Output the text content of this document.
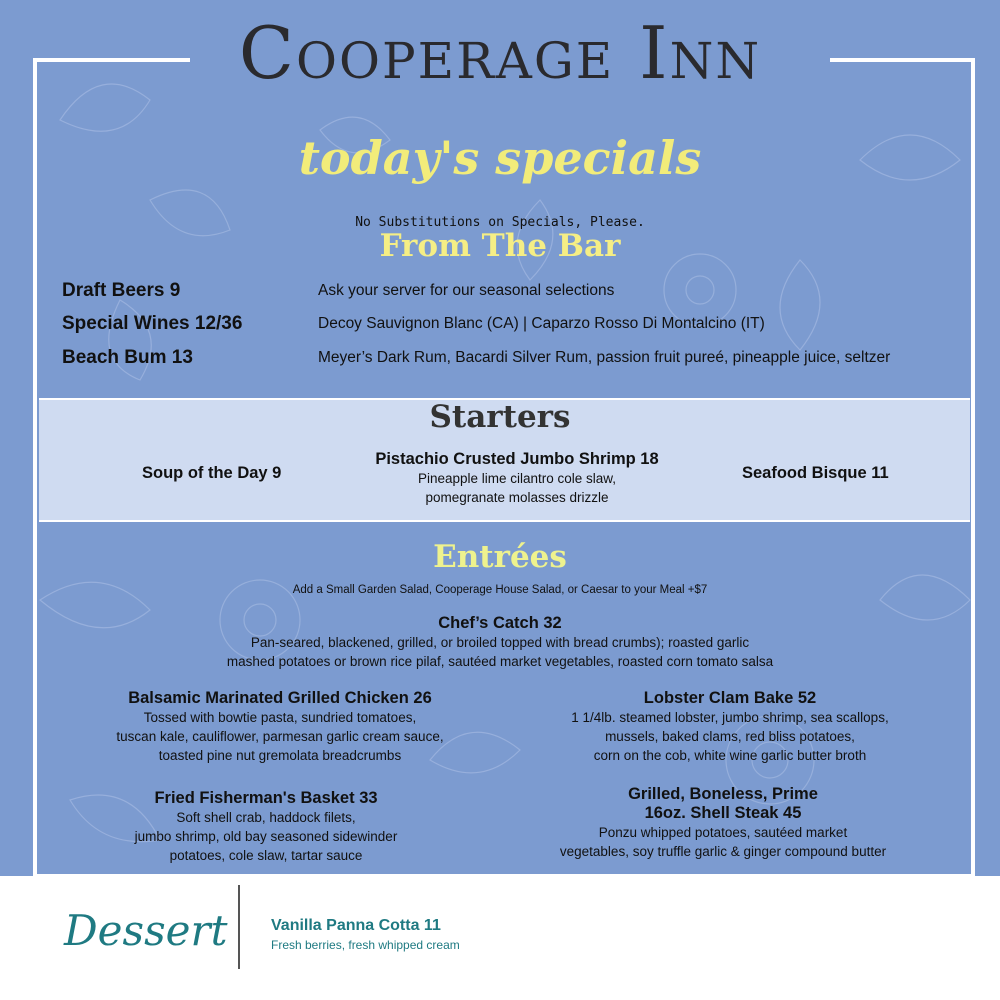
Cooperage Inn
today's specials
No Substitutions on Specials, Please.
From The Bar
Draft Beers 9	Ask your server for our seasonal selections
Special Wines 12/36	Decoy Sauvignon Blanc (CA) | Caparzo Rosso Di Montalcino (IT)
Beach Bum 13	Meyer’s Dark Rum, Bacardi Silver Rum, passion fruit pureé, pineapple juice, seltzer
Starters
Soup of the Day 9
Pistachio Crusted Jumbo Shrimp 18
Pineapple lime cilantro cole slaw,
pomegranate molasses drizzle
Seafood Bisque 11
Entrées
Add a Small Garden Salad, Cooperage House Salad, or Caesar to your Meal +$7
Chef’s Catch 32
Pan-seared, blackened, grilled, or broiled topped with bread crumbs); roasted garlic
mashed potatoes or brown rice pilaf, sautéed market vegetables, roasted corn tomato salsa
Balsamic Marinated Grilled Chicken 26
Tossed with bowtie pasta, sundried tomatoes,
tuscan kale, cauliflower, parmesan garlic cream sauce,
toasted pine nut gremolata breadcrumbs
Lobster Clam Bake 52
1 1/4lb. steamed lobster, jumbo shrimp, sea scallops,
mussels, baked clams, red bliss potatoes,
corn on the cob, white wine garlic butter broth
Fried Fisherman's Basket 33
Soft shell crab, haddock filets,
jumbo shrimp, old bay seasoned sidewinder
potatoes, cole slaw, tartar sauce
Grilled, Boneless, Prime
16oz. Shell Steak 45
Ponzu whipped potatoes, sautéed market
vegetables, soy truffle garlic & ginger compound butter
Dessert	Vanilla Panna Cotta 11
Fresh berries, fresh whipped cream
